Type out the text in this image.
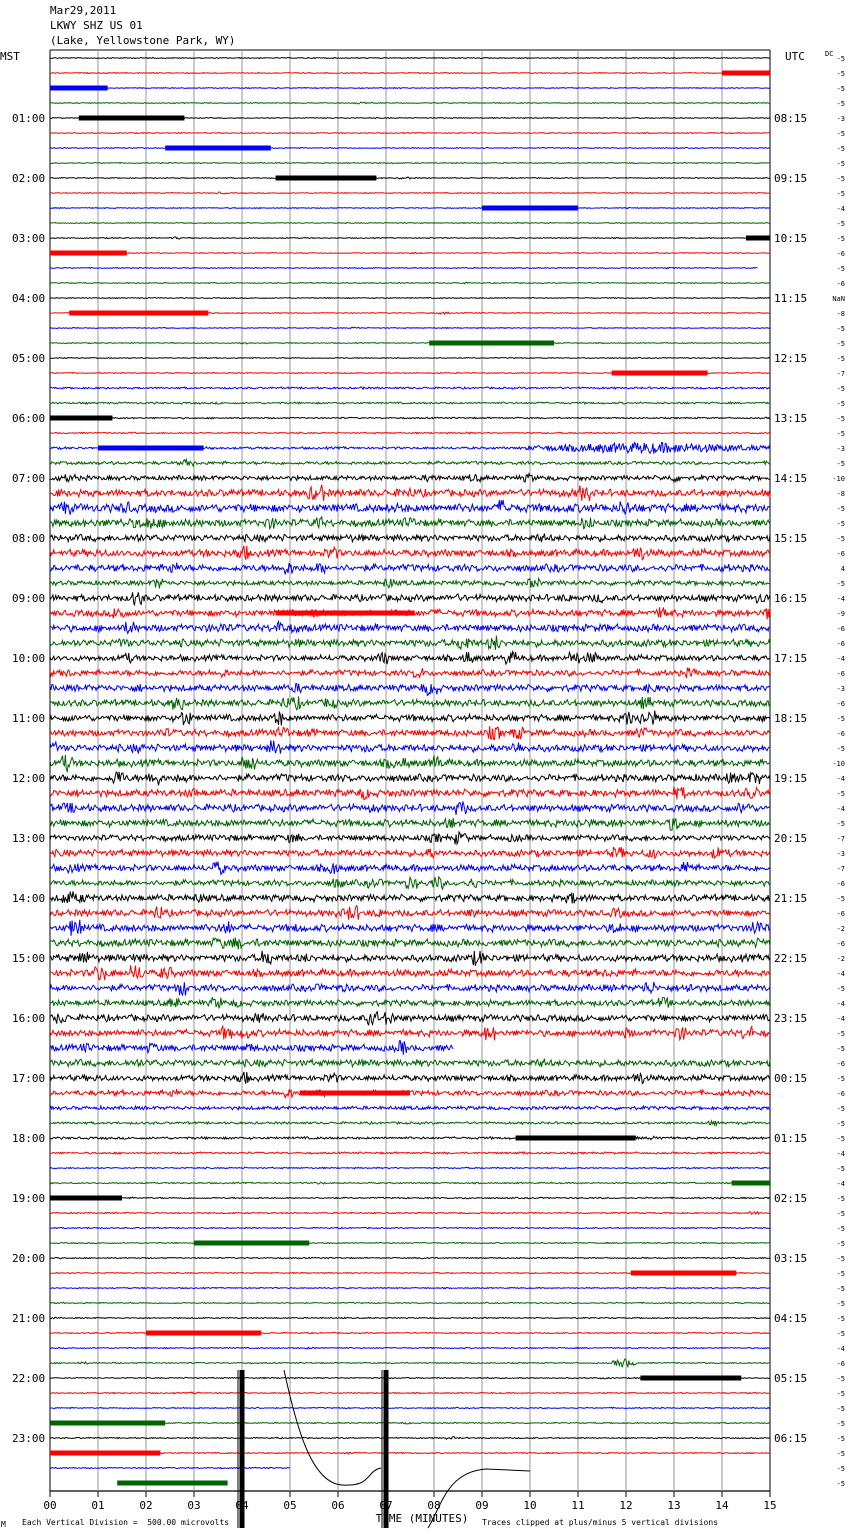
Mar29,2011
LKWY SHZ US 01
(Lake, Yellowstone Park, WY)
MST	UTC	DC
01:00	08:15
02:00	09:15
03:00	10:15
04:00	11:15
05:00	12:15
06:00	13:15
07:00	14:15
08:00	15:15
09:00	16:15
10:00	17:15
11:00	18:15
12:00	19:15
13:00	20:15
14:00	21:15
15:00	22:15
16:00	23:15
17:00	00:15
18:00	01:15
19:00	02:15
20:00	03:15
21:00	04:15
22:00	05:15
23:00	06:15
-5
-5
-5
-5
-3
-5
-5
-5
-5
-5
-4
-5
-5
-6
-5
-6
NaN
-8
-5
-5
-5
-7
-5
-5
-5
-5
-3
-5
-10
-8
-5
-5
-5
-6
4
-5
-4
-9
-6
-6
-4
-6
-3
-6
-5
-6
-5
-10
-4
-5
-4
-5
-7
-3
-7
-6
-5
-6
-2
-6
-2
-4
-5
-4
-4
-5
-5
-6
-5
-6
-5
-5
-5
-4
-5
-4
-5
-5
-5
-5
-5
-5
-5
-5
-5
-5
-4
-6
-5
-5
-5
-5
-5
-5
-5
-5
00	01	02	03	04	05	06	07	08	09	10	11	12	13	14	15
TIME (MINUTES)
M Each Vertical Division =  500.00 microvolts	Traces clipped at plus/minus 5 vertical divisions
